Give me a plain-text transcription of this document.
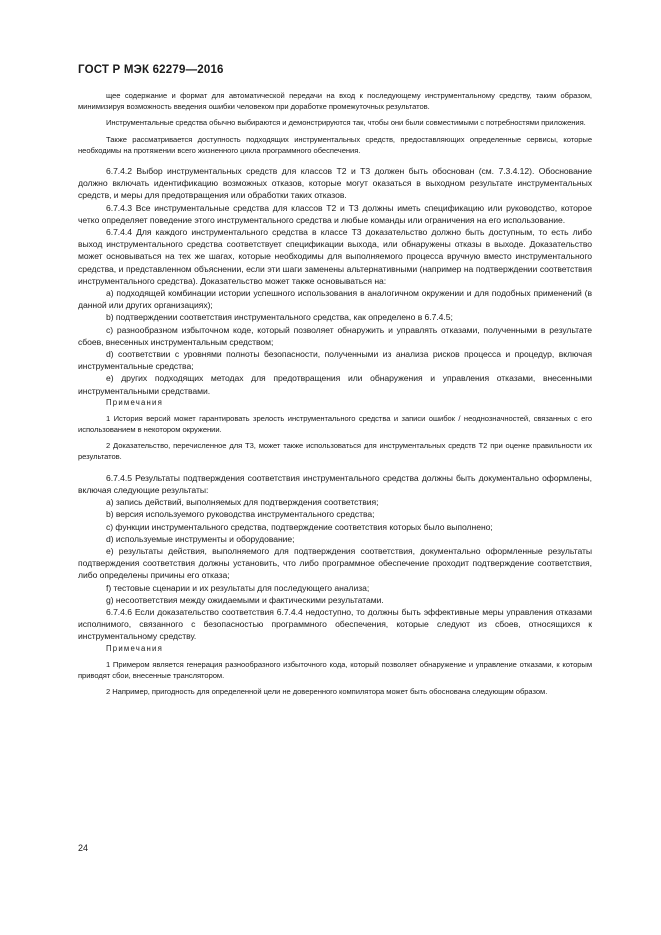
ГОСТ Р МЭК 62279—2016

щее содержание и формат для автоматической передачи на вход к последующему инструментальному средству, таким образом, минимизируя возможность введения ошибки человеком при доработке промежуточных результатов.

Инструментальные средства обычно выбираются и демонстрируются так, чтобы они были совместимыми с потребностями приложения.

Также рассматривается доступность подходящих инструментальных средств, предоставляющих определенные сервисы, которые необходимы на протяжении всего жизненного цикла программного обеспечения.

6.7.4.2 Выбор инструментальных средств для классов Т2 и Т3 должен быть обоснован (см. 7.3.4.12). Обоснование должно включать идентификацию возможных отказов, которые могут оказаться в выходном результате инструментальных средств, и меры для предотвращения или обработки таких отказов.

6.7.4.3 Все инструментальные средства для классов Т2 и Т3 должны иметь спецификацию или руководство, которое четко определяет поведение этого инструментального средства и любые команды или ограничения на его использование.

6.7.4.4 Для каждого инструментального средства в классе Т3 доказательство должно быть доступным, то есть либо выход инструментального средства соответствует спецификации выхода, или обнаружены отказы в выходе. Доказательство может основываться на тех же шагах, которые необходимы для выполняемого процесса вручную вместо инструментального средства, и представленном объяснении, если эти шаги заменены альтернативными (например на подтверждении соответствия инструментального средства). Доказательство может также основываться на:

а) подходящей комбинации истории успешного использования в аналогичном окружении и для подобных применений (в данной или других организациях);

b) подтверждении соответствия инструментального средства, как определено в 6.7.4.5;

c) разнообразном избыточном коде, который позволяет обнаружить и управлять отказами, полученными в результате сбоев, внесенных инструментальным средством;

d) соответствии с уровнями полноты безопасности, полученными из анализа рисков процесса и процедур, включая инструментальные средства;

e) других подходящих методах для предотвращения или обнаружения и управления отказами, внесенными инструментальными средствами.

Примечания

1 История версий может гарантировать зрелость инструментального средства и записи ошибок / неоднозначностей, связанных с его использованием в некотором окружении.

2 Доказательство, перечисленное для Т3, может также использоваться для инструментальных средств Т2 при оценке правильности их результатов.

6.7.4.5 Результаты подтверждения соответствия инструментального средства должны быть документально оформлены, включая следующие результаты:

а) запись действий, выполняемых для подтверждения соответствия;

b) версия используемого руководства инструментального средства;

c) функции инструментального средства, подтверждение соответствия которых было выполнено;

d) используемые инструменты и оборудование;

e) результаты действия, выполняемого для подтверждения соответствия, документально оформленные результаты подтверждения соответствия должны установить, что либо программное обеспечение проходит подтверждение соответствия, либо определены причины его отказа;

f) тестовые сценарии и их результаты для последующего анализа;

g) несоответствия между ожидаемыми и фактическими результатами.

6.7.4.6 Если доказательство соответствия 6.7.4.4 недоступно, то должны быть эффективные меры управления отказами исполнимого, связанного с безопасностью программного обеспечения, которые следуют из сбоев, относящихся к инструментальному средству.

Примечания

1 Примером является генерация разнообразного избыточного кода, который позволяет обнаружение и управление отказами, к которым приводят сбои, внесенные транслятором.

2 Например, пригодность для определенной цели не доверенного компилятора может быть обоснована следующим образом.

24
